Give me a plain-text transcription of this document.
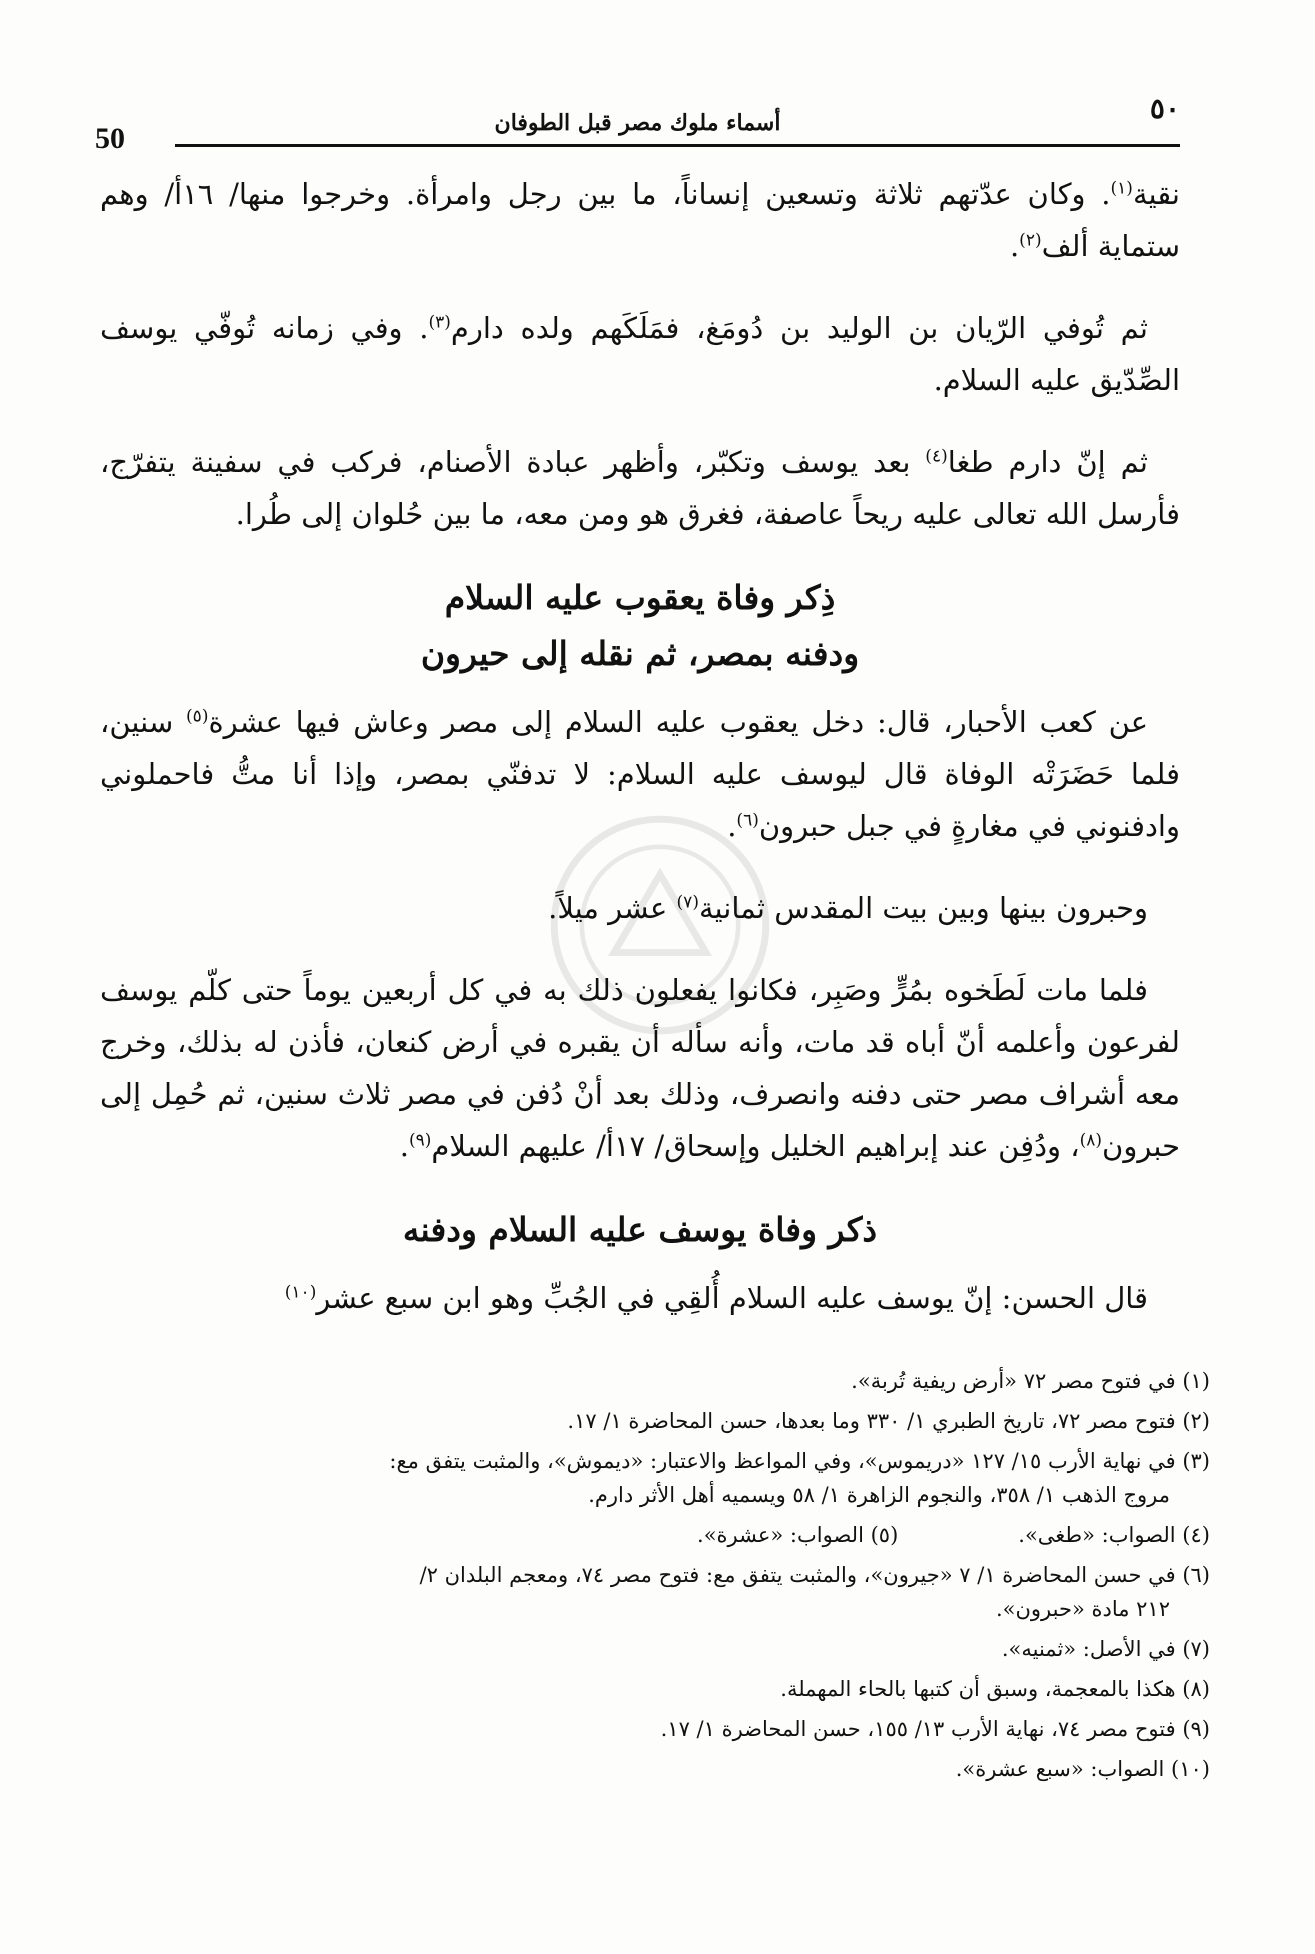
50	أسماء ملوك مصر قبل الطوفان	٥٠

نقية$^{(١)}$. وكان عدّتهم ثلاثة وتسعين إنساناً، ما بين رجل وامرأة. وخرجوا منها/ ١٦أ/ وهم ستماية ألف$^{(٢)}$.

ثم تُوفي الرّيان بن الوليد بن دُومَغ، فمَلَكَهم ولده دارم$^{(٣)}$. وفي زمانه تُوفّي يوسف الصِّدّيق عليه السلام.

ثم إنّ دارم طغا$^{(٤)}$ بعد يوسف وتكبّر، وأظهر عبادة الأصنام، فركب في سفينة يتفرّج، فأرسل الله تعالى عليه ريحاً عاصفة، فغرق هو ومن معه، ما بين حُلوان إلى طُرا.

ذِكر وفاة يعقوب عليه السلام
ودفنه بمصر، ثم نقله إلى حيرون

عن كعب الأحبار، قال: دخل يعقوب عليه السلام إلى مصر وعاش فيها عشرة$^{(٥)}$ سنين، فلما حَضَرَتْه الوفاة قال ليوسف عليه السلام: لا تدفنّي بمصر، وإذا أنا متُّ فاحملوني وادفنوني في مغارةٍ في جبل حبرون$^{(٦)}$.

وحبرون بينها وبين بيت المقدس ثمانية$^{(٧)}$ عشر ميلاً.

فلما مات لَطَخوه بمُرٍّ وصَبِر، فكانوا يفعلون ذلك به في كل أربعين يوماً حتى كلّم يوسف لفرعون وأعلمه أنّ أباه قد مات، وأنه سأله أن يقبره في أرض كنعان، فأذن له بذلك، وخرج معه أشراف مصر حتى دفنه وانصرف، وذلك بعد أنْ دُفن في مصر ثلاث سنين، ثم حُمِل إلى حبرون$^{(٨)}$، ودُفِن عند إبراهيم الخليل وإسحاق/ ١٧أ/ عليهم السلام$^{(٩)}$.

ذكر وفاة يوسف عليه السلام ودفنه

قال الحسن: إنّ يوسف عليه السلام أُلقِي في الجُبِّ وهو ابن سبع عشر$^{(١٠)}$

(١) في فتوح مصر ٧٢ «أرض ريفية تُربة».
(٢) فتوح مصر ٧٢، تاريخ الطبري ١/ ٣٣٠ وما بعدها، حسن المحاضرة ١/ ١٧.
(٣) في نهاية الأرب ١٥/ ١٢٧ «دريموس»، وفي المواعظ والاعتبار: «ديموش»، والمثبت يتفق مع:
مروج الذهب ١/ ٣٥٨، والنجوم الزاهرة ١/ ٥٨ ويسميه أهل الأثر دارم.
(٤) الصواب: «طغى».
(٥) الصواب: «عشرة».
(٦) في حسن المحاضرة ١/ ٧ «جيرون»، والمثبت يتفق مع: فتوح مصر ٧٤، ومعجم البلدان ٢/
٢١٢ مادة «حبرون».
(٧) في الأصل: «ثمنيه».
(٨) هكذا بالمعجمة، وسبق أن كتبها بالحاء المهملة.
(٩) فتوح مصر ٧٤، نهاية الأرب ١٣/ ١٥٥، حسن المحاضرة ١/ ١٧.
(١٠) الصواب: «سبع عشرة».
